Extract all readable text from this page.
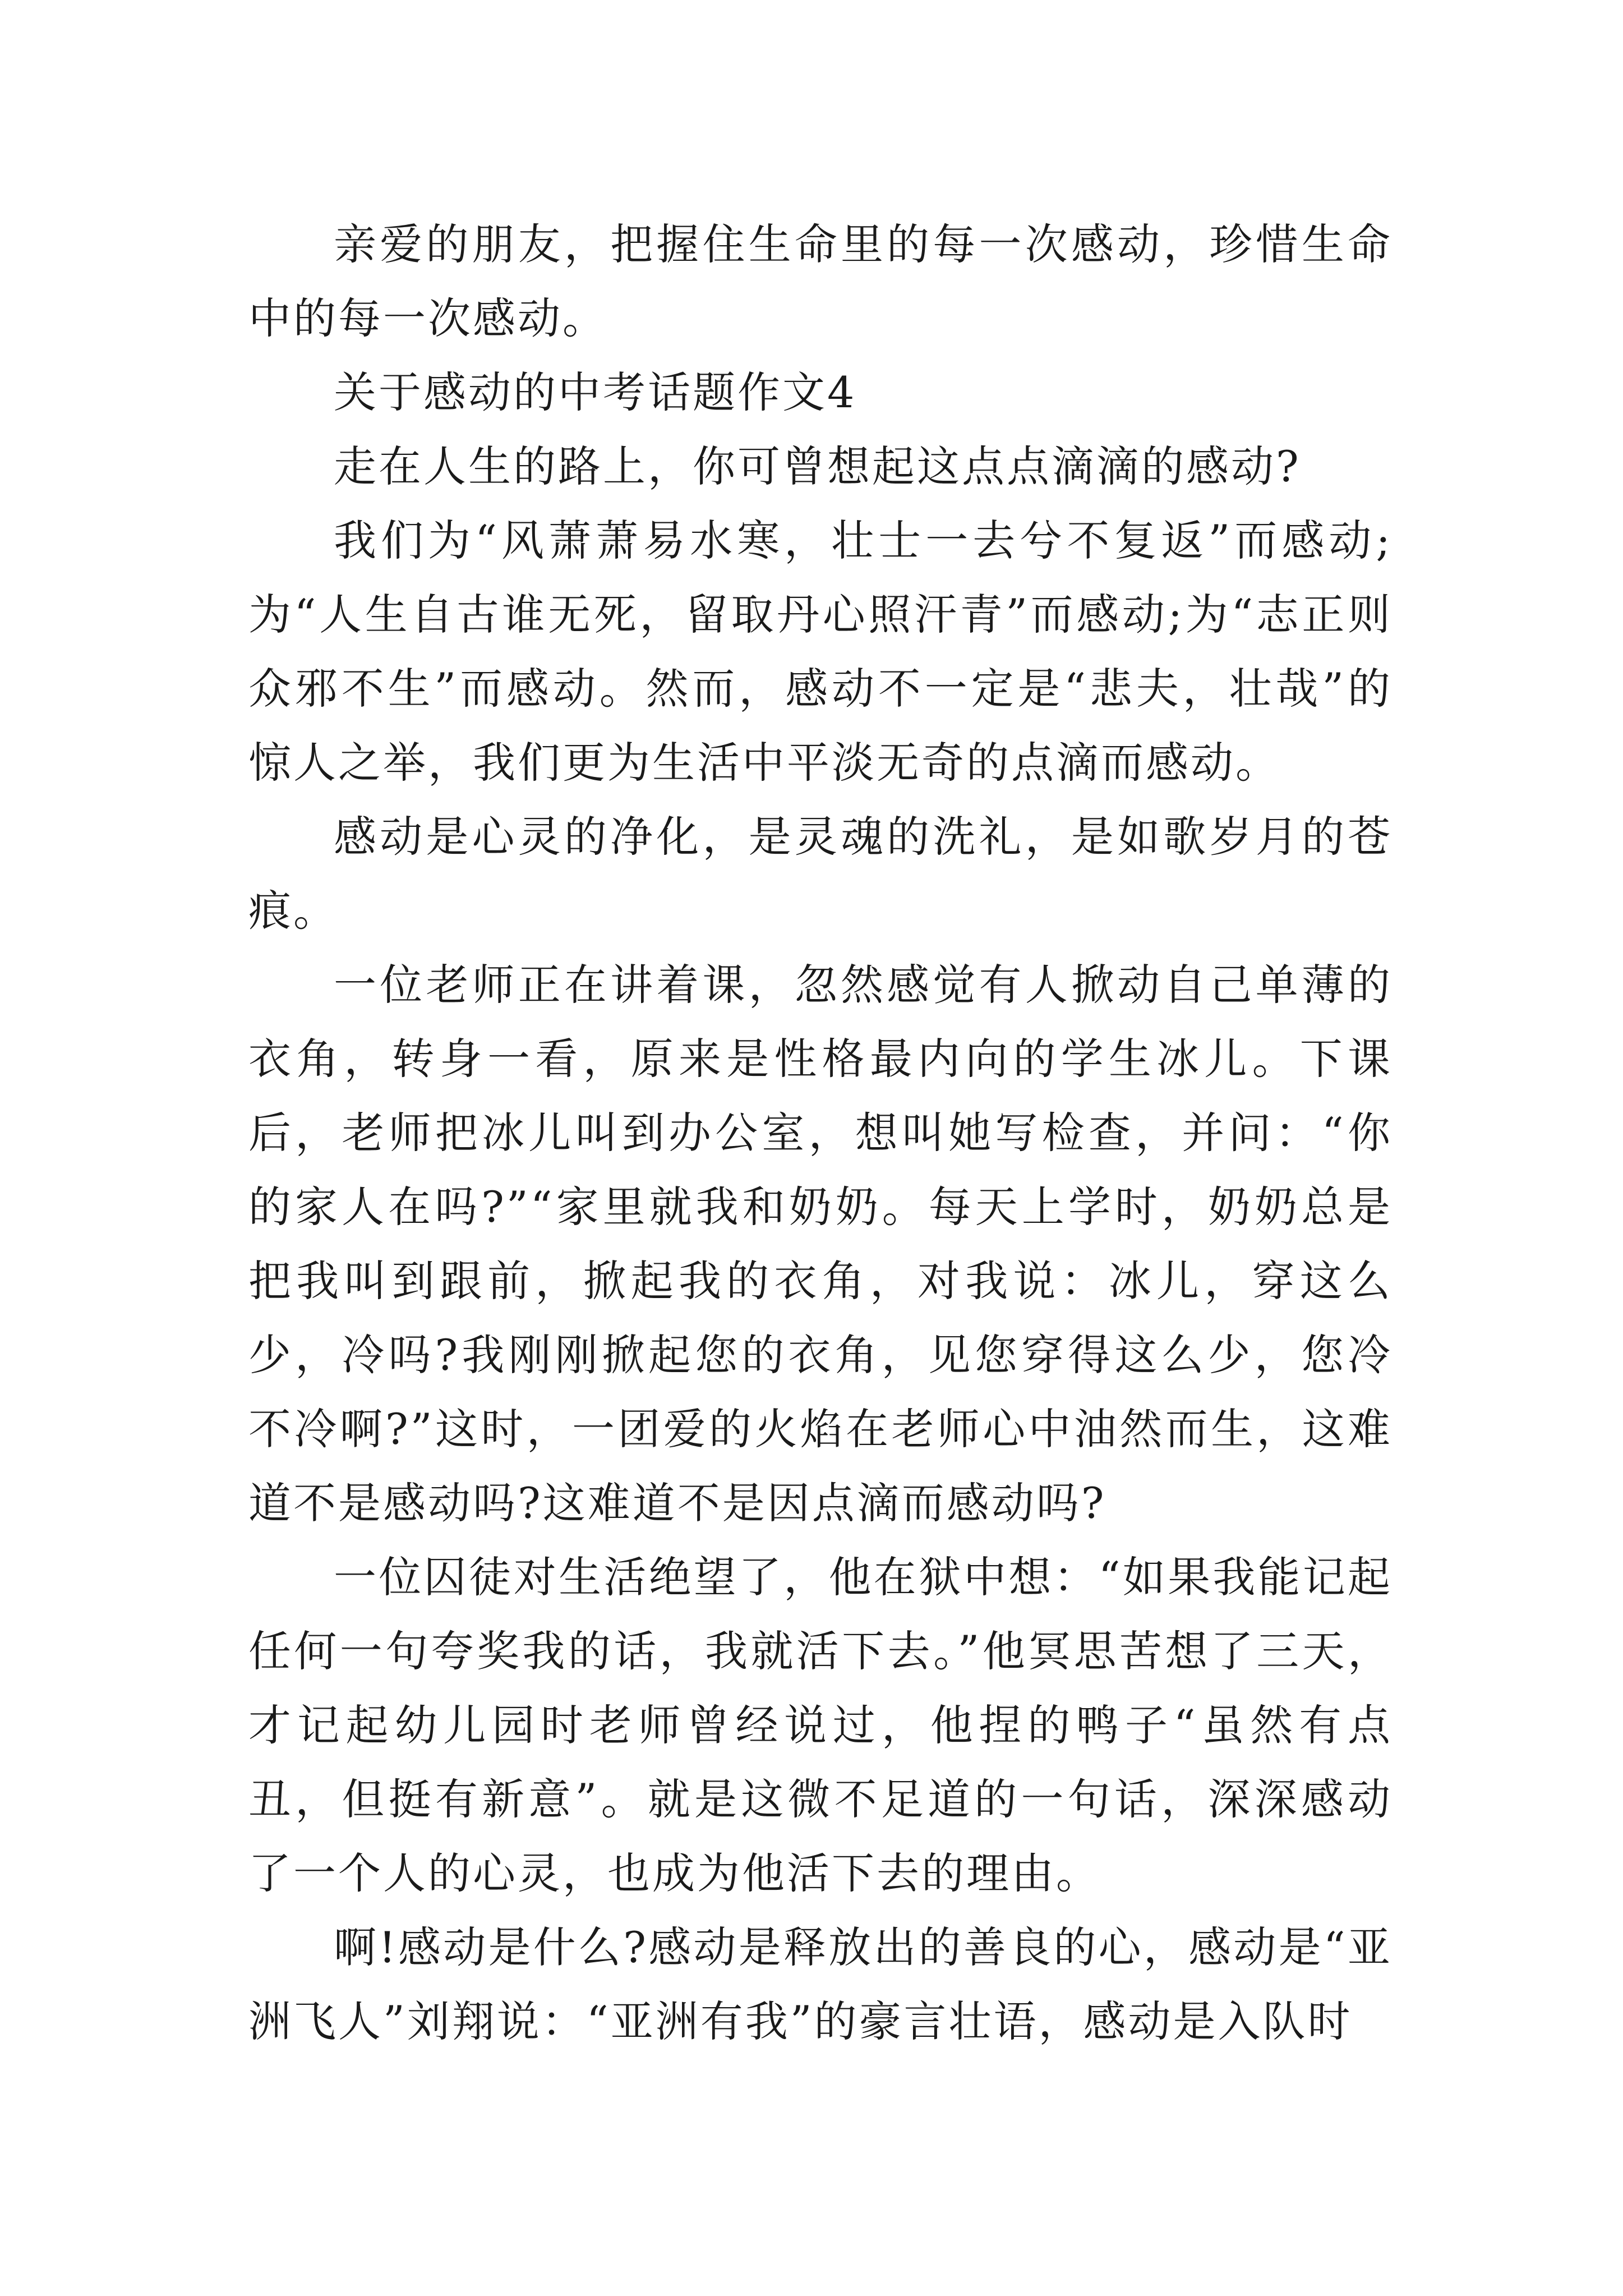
亲爱的朋友，把握住生命里的每一次感动，珍惜生命中的每一次感动。

关于感动的中考话题作文4

走在人生的路上，你可曾想起这点点滴滴的感动?

我们为“风萧萧易水寒，壮士一去兮不复返”而感动;为“人生自古谁无死，留取丹心照汗青”而感动;为“志正则众邪不生”而感动。然而，感动不一定是“悲夫，壮哉”的惊人之举，我们更为生活中平淡无奇的点滴而感动。

感动是心灵的净化，是灵魂的洗礼，是如歌岁月的苍痕。

一位老师正在讲着课，忽然感觉有人掀动自己单薄的衣角，转身一看，原来是性格最内向的学生冰儿。下课后，老师把冰儿叫到办公室，想叫她写检查，并问：“你的家人在吗?”“家里就我和奶奶。每天上学时，奶奶总是把我叫到跟前，掀起我的衣角，对我说：冰儿，穿这么少，冷吗?我刚刚掀起您的衣角，见您穿得这么少，您冷不冷啊?”这时，一团爱的火焰在老师心中油然而生，这难道不是感动吗?这难道不是因点滴而感动吗?

一位囚徒对生活绝望了，他在狱中想：“如果我能记起任何一句夸奖我的话，我就活下去。”他冥思苦想了三天，才记起幼儿园时老师曾经说过，他捏的鸭子“虽然有点丑，但挺有新意”。就是这微不足道的一句话，深深感动了一个人的心灵，也成为他活下去的理由。

啊!感动是什么?感动是释放出的善良的心，感动是“亚洲飞人”刘翔说：“亚洲有我”的豪言壮语，感动是入队时
